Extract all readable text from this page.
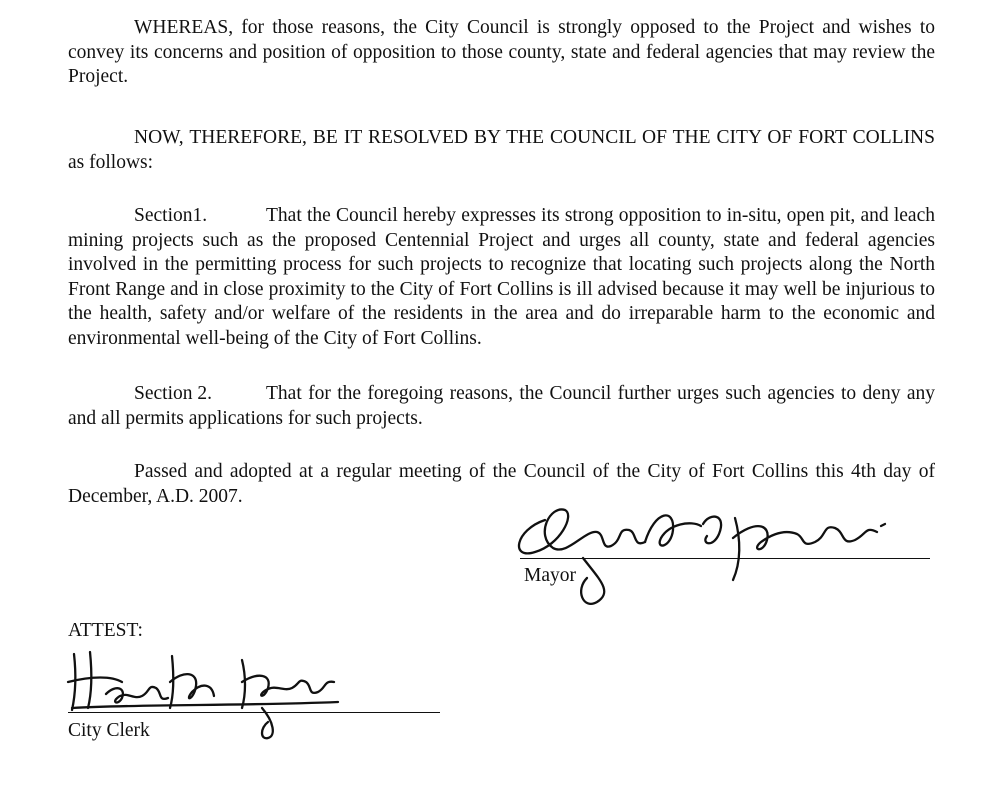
WHEREAS, for those reasons, the City Council is strongly opposed to the Project and wishes to convey its concerns and position of opposition to those county, state and federal agencies that may review the Project.

NOW, THEREFORE, BE IT RESOLVED BY THE COUNCIL OF THE CITY OF FORT COLLINS as follows:

Section1.	That the Council hereby expresses its strong opposition to in-situ, open pit, and leach mining projects such as the proposed Centennial Project and urges all county, state and federal agencies involved in the permitting process for such projects to recognize that locating such projects along the North Front Range and in close proximity to the City of Fort Collins is ill advised because it may well be injurious to the health, safety and/or welfare of the residents in the area and do irreparable harm to the economic and environmental well-being of the City of Fort Collins.

Section 2.	That for the foregoing reasons, the Council further urges such agencies to deny any and all permits applications for such projects.

Passed and adopted at a regular meeting of the Council of the City of Fort Collins this 4th day of December, A.D. 2007.

Mayor
ATTEST:
City Clerk
